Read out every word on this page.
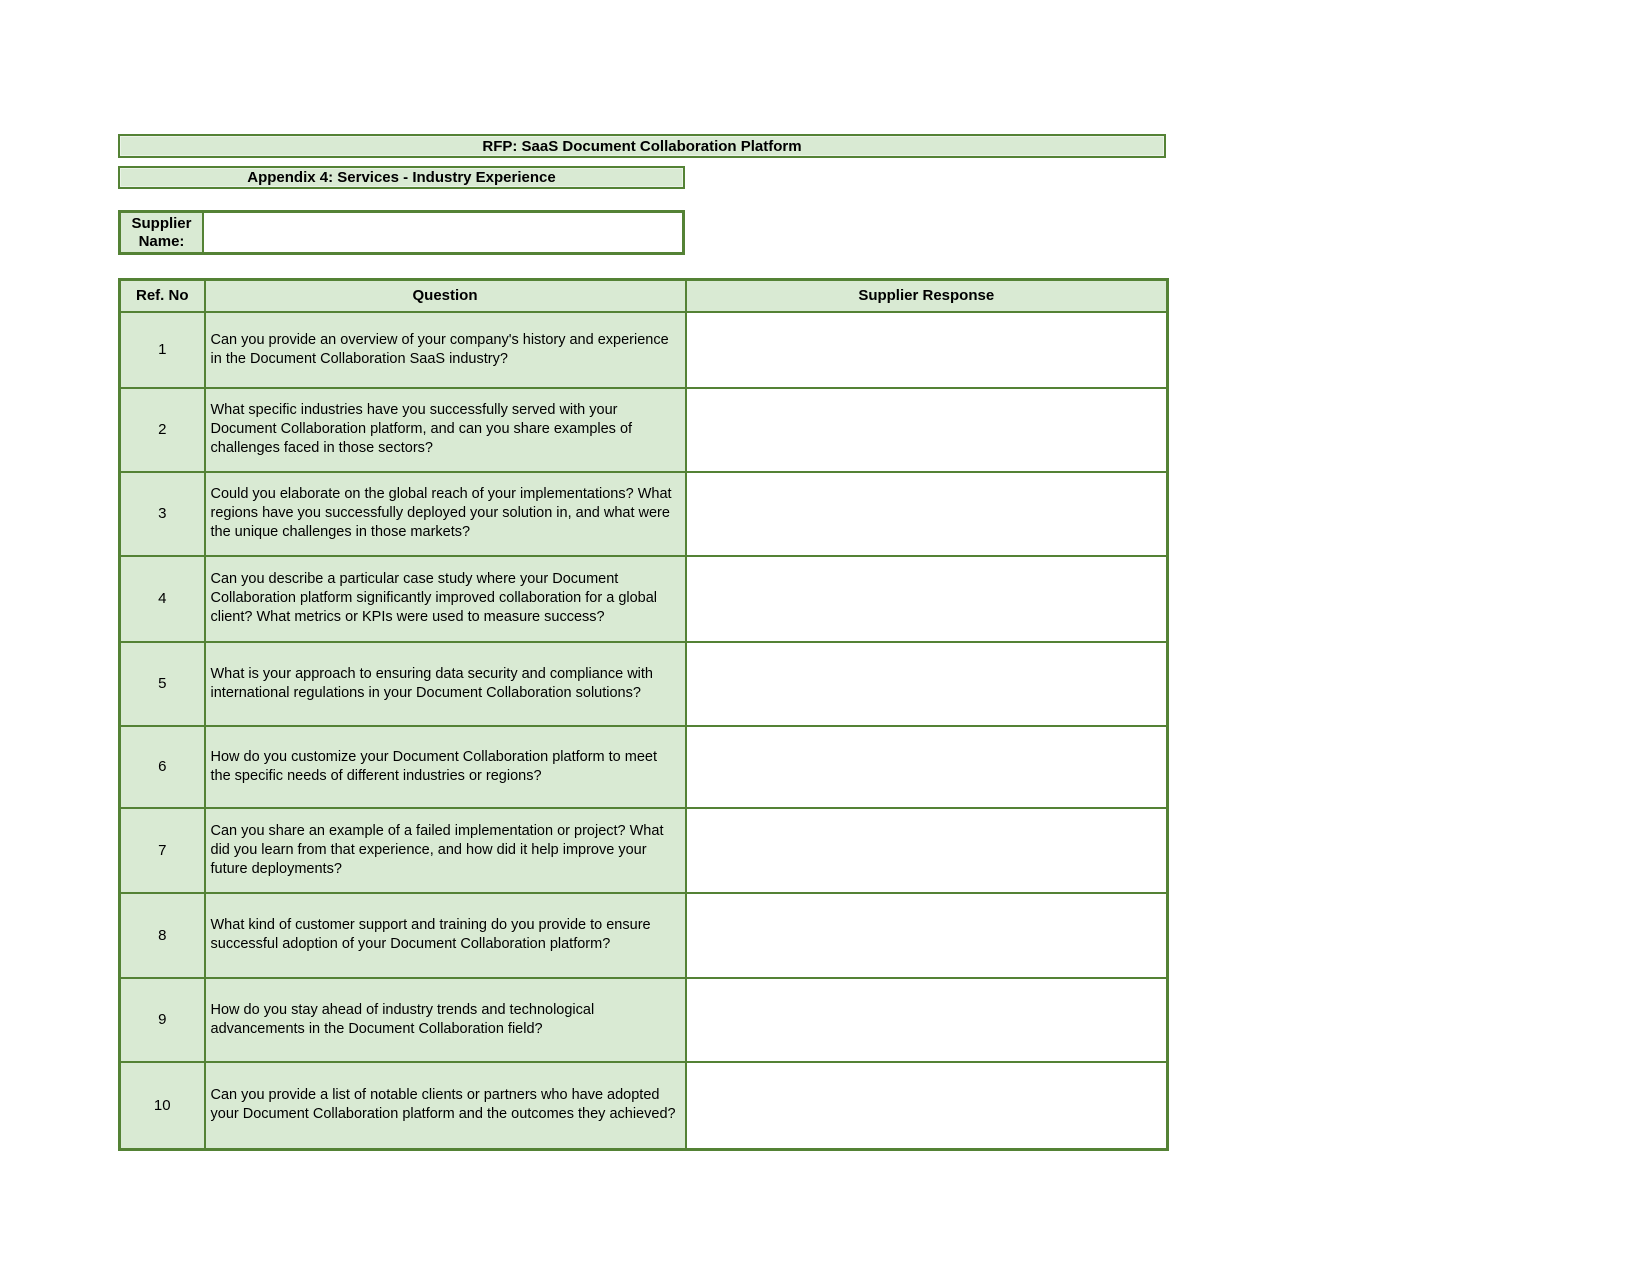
RFP: SaaS Document Collaboration Platform
Appendix 4: Services - Industry Experience
Supplier Name:
Ref. No	Question	Supplier Response
1	Can you provide an overview of your company's history and experience in the Document Collaboration SaaS industry?	
2	What specific industries have you successfully served with your Document Collaboration platform, and can you share examples of challenges faced in those sectors?	
3	Could you elaborate on the global reach of your implementations? What regions have you successfully deployed your solution in, and what were the unique challenges in those markets?	
4	Can you describe a particular case study where your Document Collaboration platform significantly improved collaboration for a global client? What metrics or KPIs were used to measure success?	
5	What is your approach to ensuring data security and compliance with international regulations in your Document Collaboration solutions?	
6	How do you customize your Document Collaboration platform to meet the specific needs of different industries or regions?	
7	Can you share an example of a failed implementation or project? What did you learn from that experience, and how did it help improve your future deployments?	
8	What kind of customer support and training do you provide to ensure successful adoption of your Document Collaboration platform?	
9	How do you stay ahead of industry trends and technological advancements in the Document Collaboration field?	
10	Can you provide a list of notable clients or partners who have adopted your Document Collaboration platform and the outcomes they achieved?	
